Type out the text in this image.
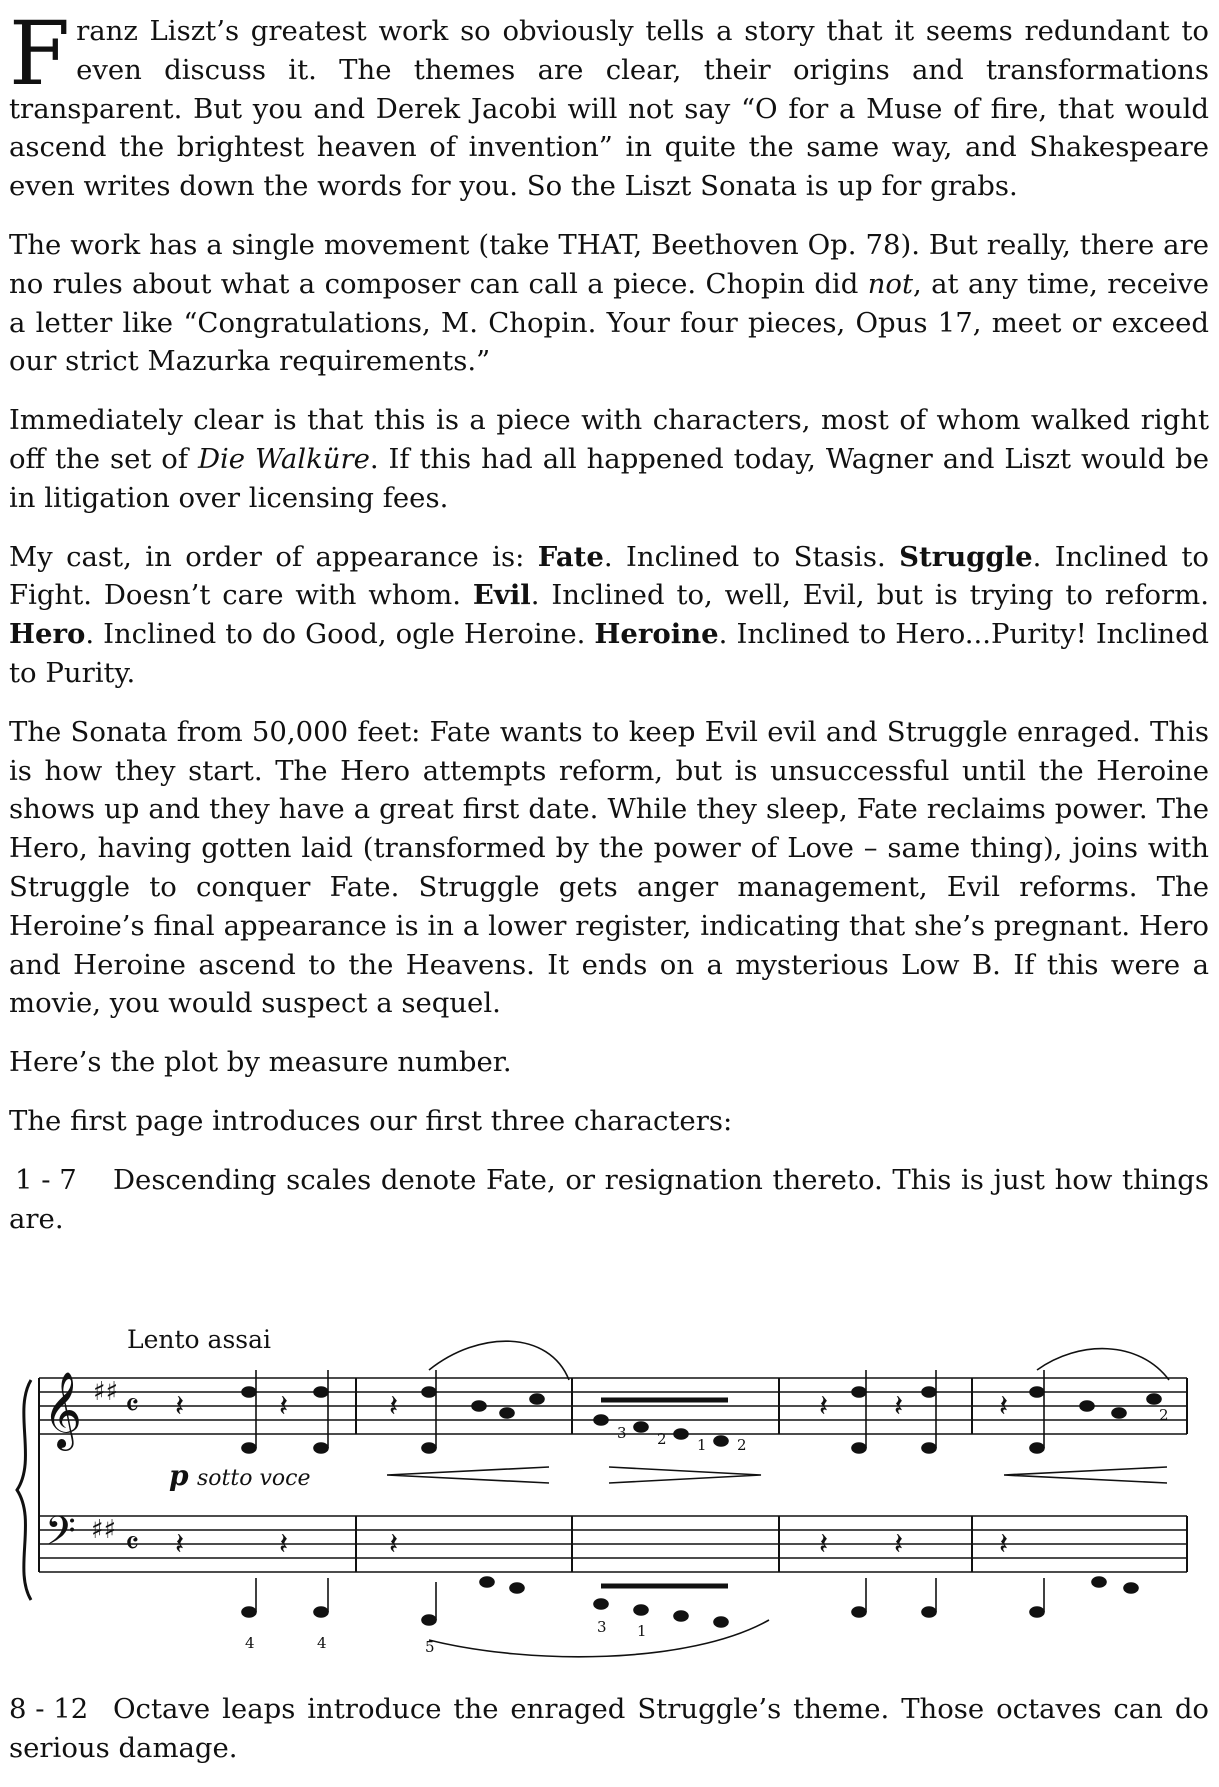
Franz Liszt’s greatest work so obviously tells a story that it seems redundant to even discuss it. The themes are clear, their origins and transformations transparent. But you and Derek Jacobi will not say “O for a Muse of fire, that would ascend the brightest heaven of invention” in quite the same way, and Shakespeare even writes down the words for you. So the Liszt Sonata is up for grabs.

The work has a single movement (take THAT, Beethoven Op. 78). But really, there are no rules about what a composer can call a piece. Chopin did not, at any time, receive a letter like “Congratulations, M. Chopin. Your four pieces, Opus 17, meet or exceed our strict Mazurka requirements.”

Immediately clear is that this is a piece with characters, most of whom walked right off the set of Die Walküre. If this had all happened today, Wagner and Liszt would be in litigation over licensing fees.

My cast, in order of appearance is: Fate. Inclined to Stasis. Struggle. Inclined to Fight. Doesn’t care with whom. Evil. Inclined to, well, Evil, but is trying to reform. Hero. Inclined to do Good, ogle Heroine. Heroine. Inclined to Hero...Purity! Inclined to Purity.

The Sonata from 50,000 feet: Fate wants to keep Evil evil and Struggle enraged. This is how they start. The Hero attempts reform, but is unsuccessful until the Heroine shows up and they have a great first date. While they sleep, Fate reclaims power. The Hero, having gotten laid (transformed by the power of Love – same thing), joins with Struggle to conquer Fate. Struggle gets anger management, Evil reforms. The Heroine’s final appearance is in a lower register, indicating that she’s pregnant. Hero and Heroine ascend to the Heavens. It ends on a mysterious Low B. If this were a movie, you would suspect a sequel.

Here’s the plot by measure number.

The first page introduces our first three characters:

1 - 7 Descending scales denote Fate, or resignation thereto. This is just how things are.

Lento assai
𝄞
𝄢
♯♯
♯♯
𝄴
𝄴
𝄽	𝄽	𝄽	𝄽 𝄽	𝄽
𝄽	𝄽	𝄽	𝄽 𝄽	𝄽
p sotto voce
3 2 1 2
2
4	4	5
3 1

8 - 12 Octave leaps introduce the enraged Struggle’s theme. Those octaves can do serious damage.
